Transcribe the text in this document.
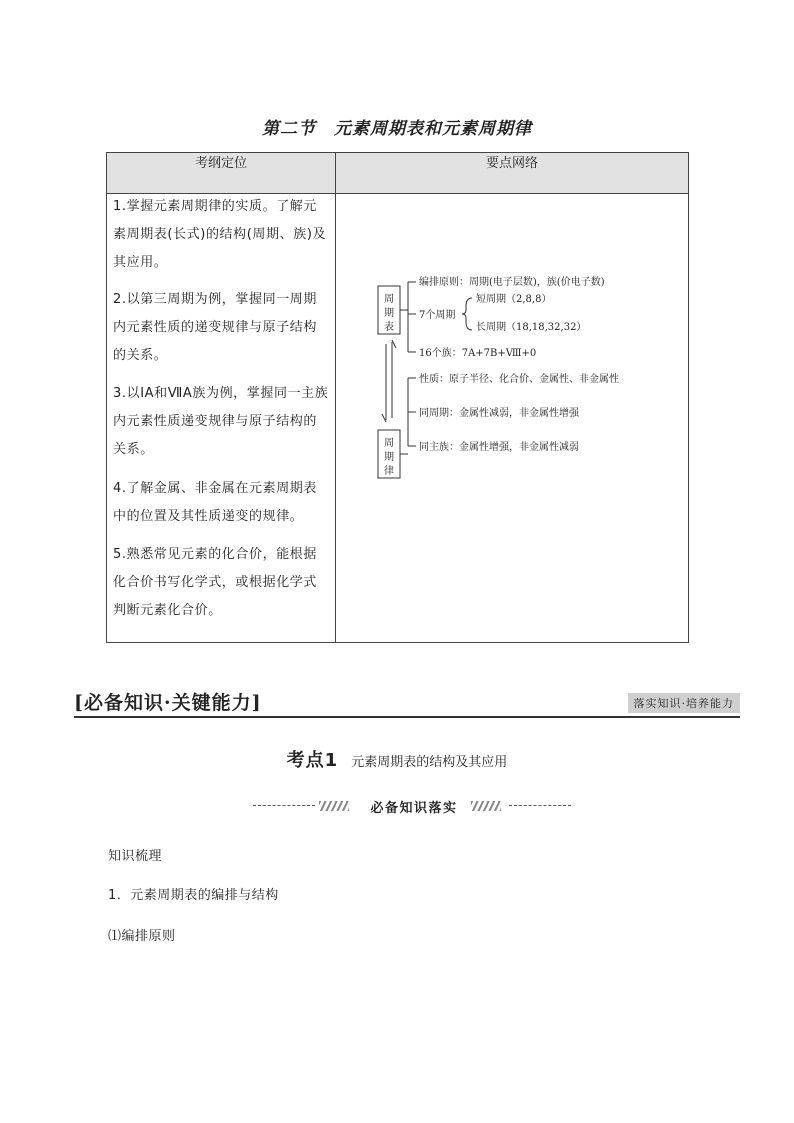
第二节　元素周期表和元素周期律
考纲定位	要点网络
1.掌握元素周期律的实质。了解元素周期表(长式)的结构(周期、族)及其应用。
2.以第三周期为例，掌握同一周期内元素性质的递变规律与原子结构的关系。
3.以ⅠA和ⅦA族为例，掌握同一主族内元素性质递变规律与原子结构的关系。
4.了解金属、非金属在元素周期表中的位置及其性质递变的规律。
5.熟悉常见元素的化合价，能根据化合价书写化学式，或根据化学式判断元素化合价。
周
期
表
周
期
律
编排原则：周期(电子层数)，族(价电子数)
7个周期
短周期（2,8,8）
长周期（18,18,32,32）
16个族：7A+7B+Ⅷ+0
性质：原子半径、化合价、金属性、非金属性
同周期：金属性减弱，非金属性增强
同主族：金属性增强，非金属性减弱
[必备知识·关键能力]	落实知识·培养能力
考点1 元素周期表的结构及其应用
必备知识落实
知识梳理
1．元素周期表的编排与结构
⑴编排原则
